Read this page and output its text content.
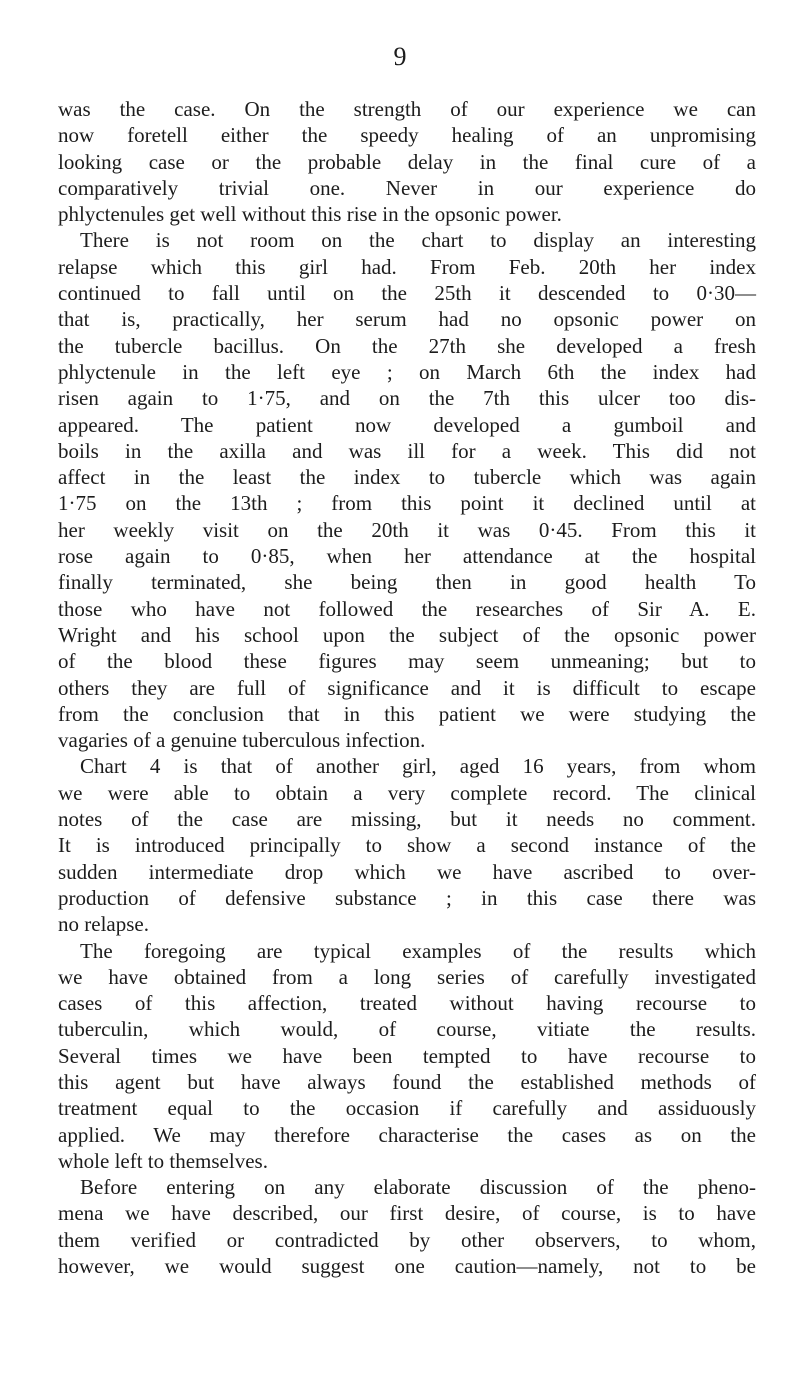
9
was the case. On the strength of our experience we can
now foretell either the speedy healing of an unpromising
looking case or the probable delay in the final cure of a
comparatively trivial one. Never in our experience do
phlyctenules get well without this rise in the opsonic power.
There is not room on the chart to display an interesting
relapse which this girl had. From Feb. 20th her index
continued to fall until on the 25th it descended to 0·30—
that is, practically, her serum had no opsonic power on
the tubercle bacillus. On the 27th she developed a fresh
phlyctenule in the left eye ; on March 6th the index had
risen again to 1·75, and on the 7th this ulcer too dis-
appeared. The patient now developed a gumboil and
boils in the axilla and was ill for a week. This did not
affect in the least the index to tubercle which was again
1·75 on the 13th ; from this point it declined until at
her weekly visit on the 20th it was 0·45. From this it
rose again to 0·85, when her attendance at the hospital
finally terminated, she being then in good health To
those who have not followed the researches of Sir A. E.
Wright and his school upon the subject of the opsonic power
of the blood these figures may seem unmeaning; but to
others they are full of significance and it is difficult to escape
from the conclusion that in this patient we were studying the
vagaries of a genuine tuberculous infection.
Chart 4 is that of another girl, aged 16 years, from whom
we were able to obtain a very complete record. The clinical
notes of the case are missing, but it needs no comment.
It is introduced principally to show a second instance of the
sudden intermediate drop which we have ascribed to over-
production of defensive substance ; in this case there was
no relapse.
The foregoing are typical examples of the results which
we have obtained from a long series of carefully investigated
cases of this affection, treated without having recourse to
tuberculin, which would, of course, vitiate the results.
Several times we have been tempted to have recourse to
this agent but have always found the established methods of
treatment equal to the occasion if carefully and assiduously
applied. We may therefore characterise the cases as on the
whole left to themselves.
Before entering on any elaborate discussion of the pheno-
mena we have described, our first desire, of course, is to have
them verified or contradicted by other observers, to whom,
however, we would suggest one caution—namely, not to be
